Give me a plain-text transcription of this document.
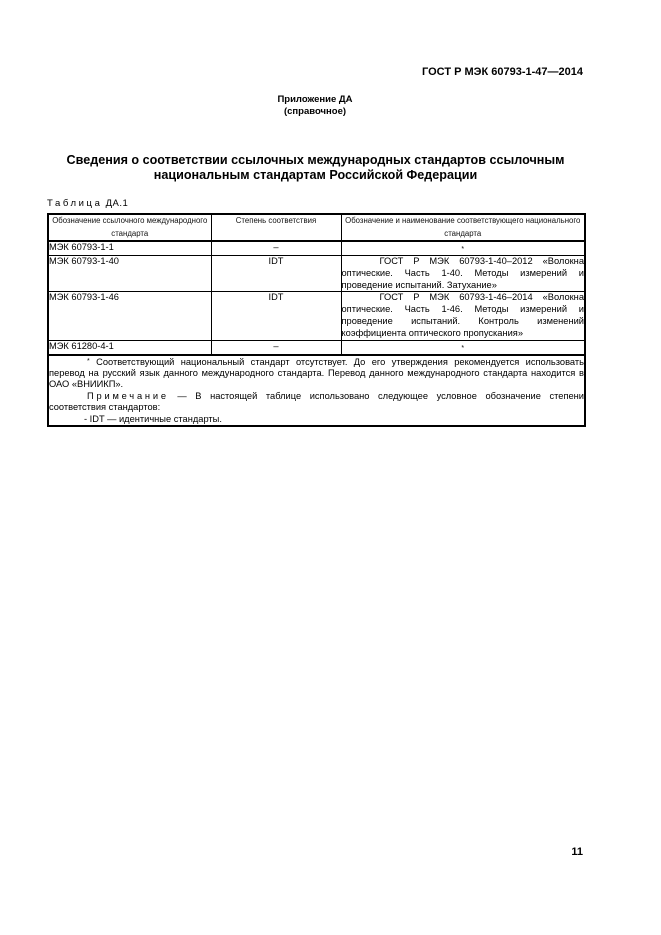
ГОСТ Р МЭК 60793-1-47—2014
Приложение ДА
(справочное)
Сведения о соответствии ссылочных международных стандартов ссылочным
национальным стандартам Российской Федерации
Таблица ДА.1
Обозначение ссылочного международного стандарта	Степень соответствия	Обозначение и наименование соответствующего национального стандарта
МЭК 60793-1-1	–	*
МЭК 60793-1-40	IDT	ГОСТ Р МЭК 60793-1-40–2012 «Волокна оптические. Часть 1-40. Методы измерений и проведение испытаний. Затухание»
МЭК 60793-1-46	IDT	ГОСТ Р МЭК 60793-1-46–2014 «Волокна оптические. Часть 1-46. Методы измерений и проведение испытаний. Контроль изменений коэффициента оптического пропускания»
МЭК 61280-4-1	–	*

* Соответствующий национальный стандарт отсутствует. До его утверждения рекомендуется использовать перевод на русский язык данного международного стандарта. Перевод данного международного стандарта находится в ОАО «ВНИИКП».
Примечание — В настоящей таблице использовано следующее условное обозначение степени соответствия стандартов:
- IDT — идентичные стандарты.		
11
